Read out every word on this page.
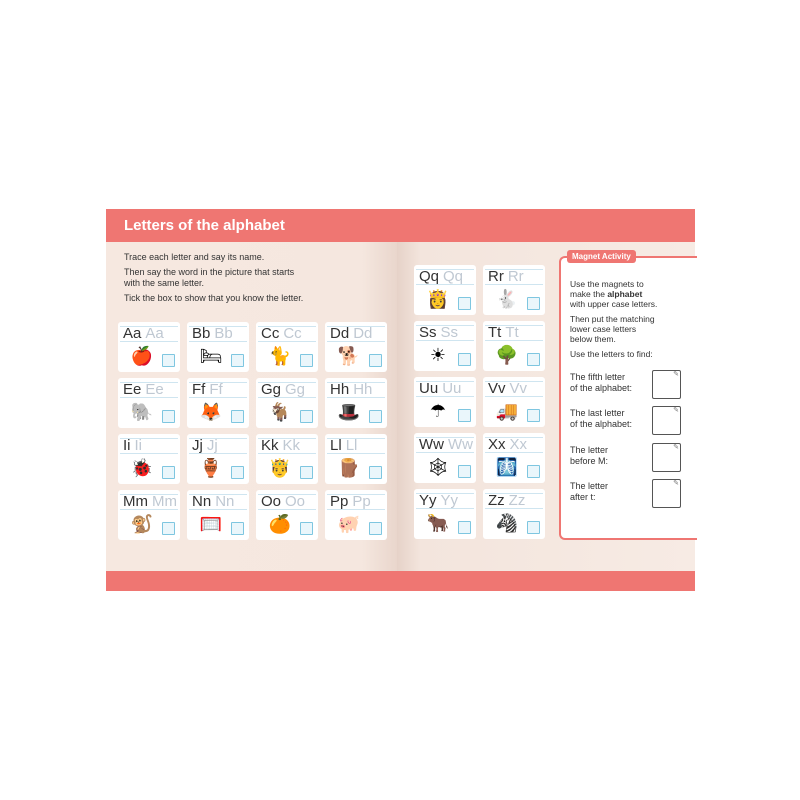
Letters of the alphabet
Trace each letter and say its name.
Then say the word in the picture that starts
with the same letter.
Tick the box to show that you know the letter.
Aa Aa
🍎
Bb Bb
🛏
Cc Cc
🐈
Dd Dd
🐕
Ee Ee
🐘
Ff Ff
🦊
Gg Gg
🐐
Hh Hh
🎩
Ii Ii
🐞
Jj Jj
🏺
Kk Kk
🤴
Ll Ll
🪵
Mm Mm
🐒
Nn Nn
🥅
Oo Oo
🍊
Pp Pp
🐖
Qq Qq
👸
Rr Rr
🐇
Ss Ss
☀
Tt Tt
🌳
Uu Uu
☂
Vv Vv
🚚
Ww Ww
🕸
Xx Xx
🩻
Yy Yy
🐂
Zz Zz
🦓
Magnet Activity
Use the magnets to
make the alphabet
with upper case letters.
Then put the matching
lower case letters
below them.
Use the letters to find:
The fifth letter
of the alphabet:
✎
The last letter
of the alphabet:
✎
The letter
before M:
✎
The letter
after t:
✎
